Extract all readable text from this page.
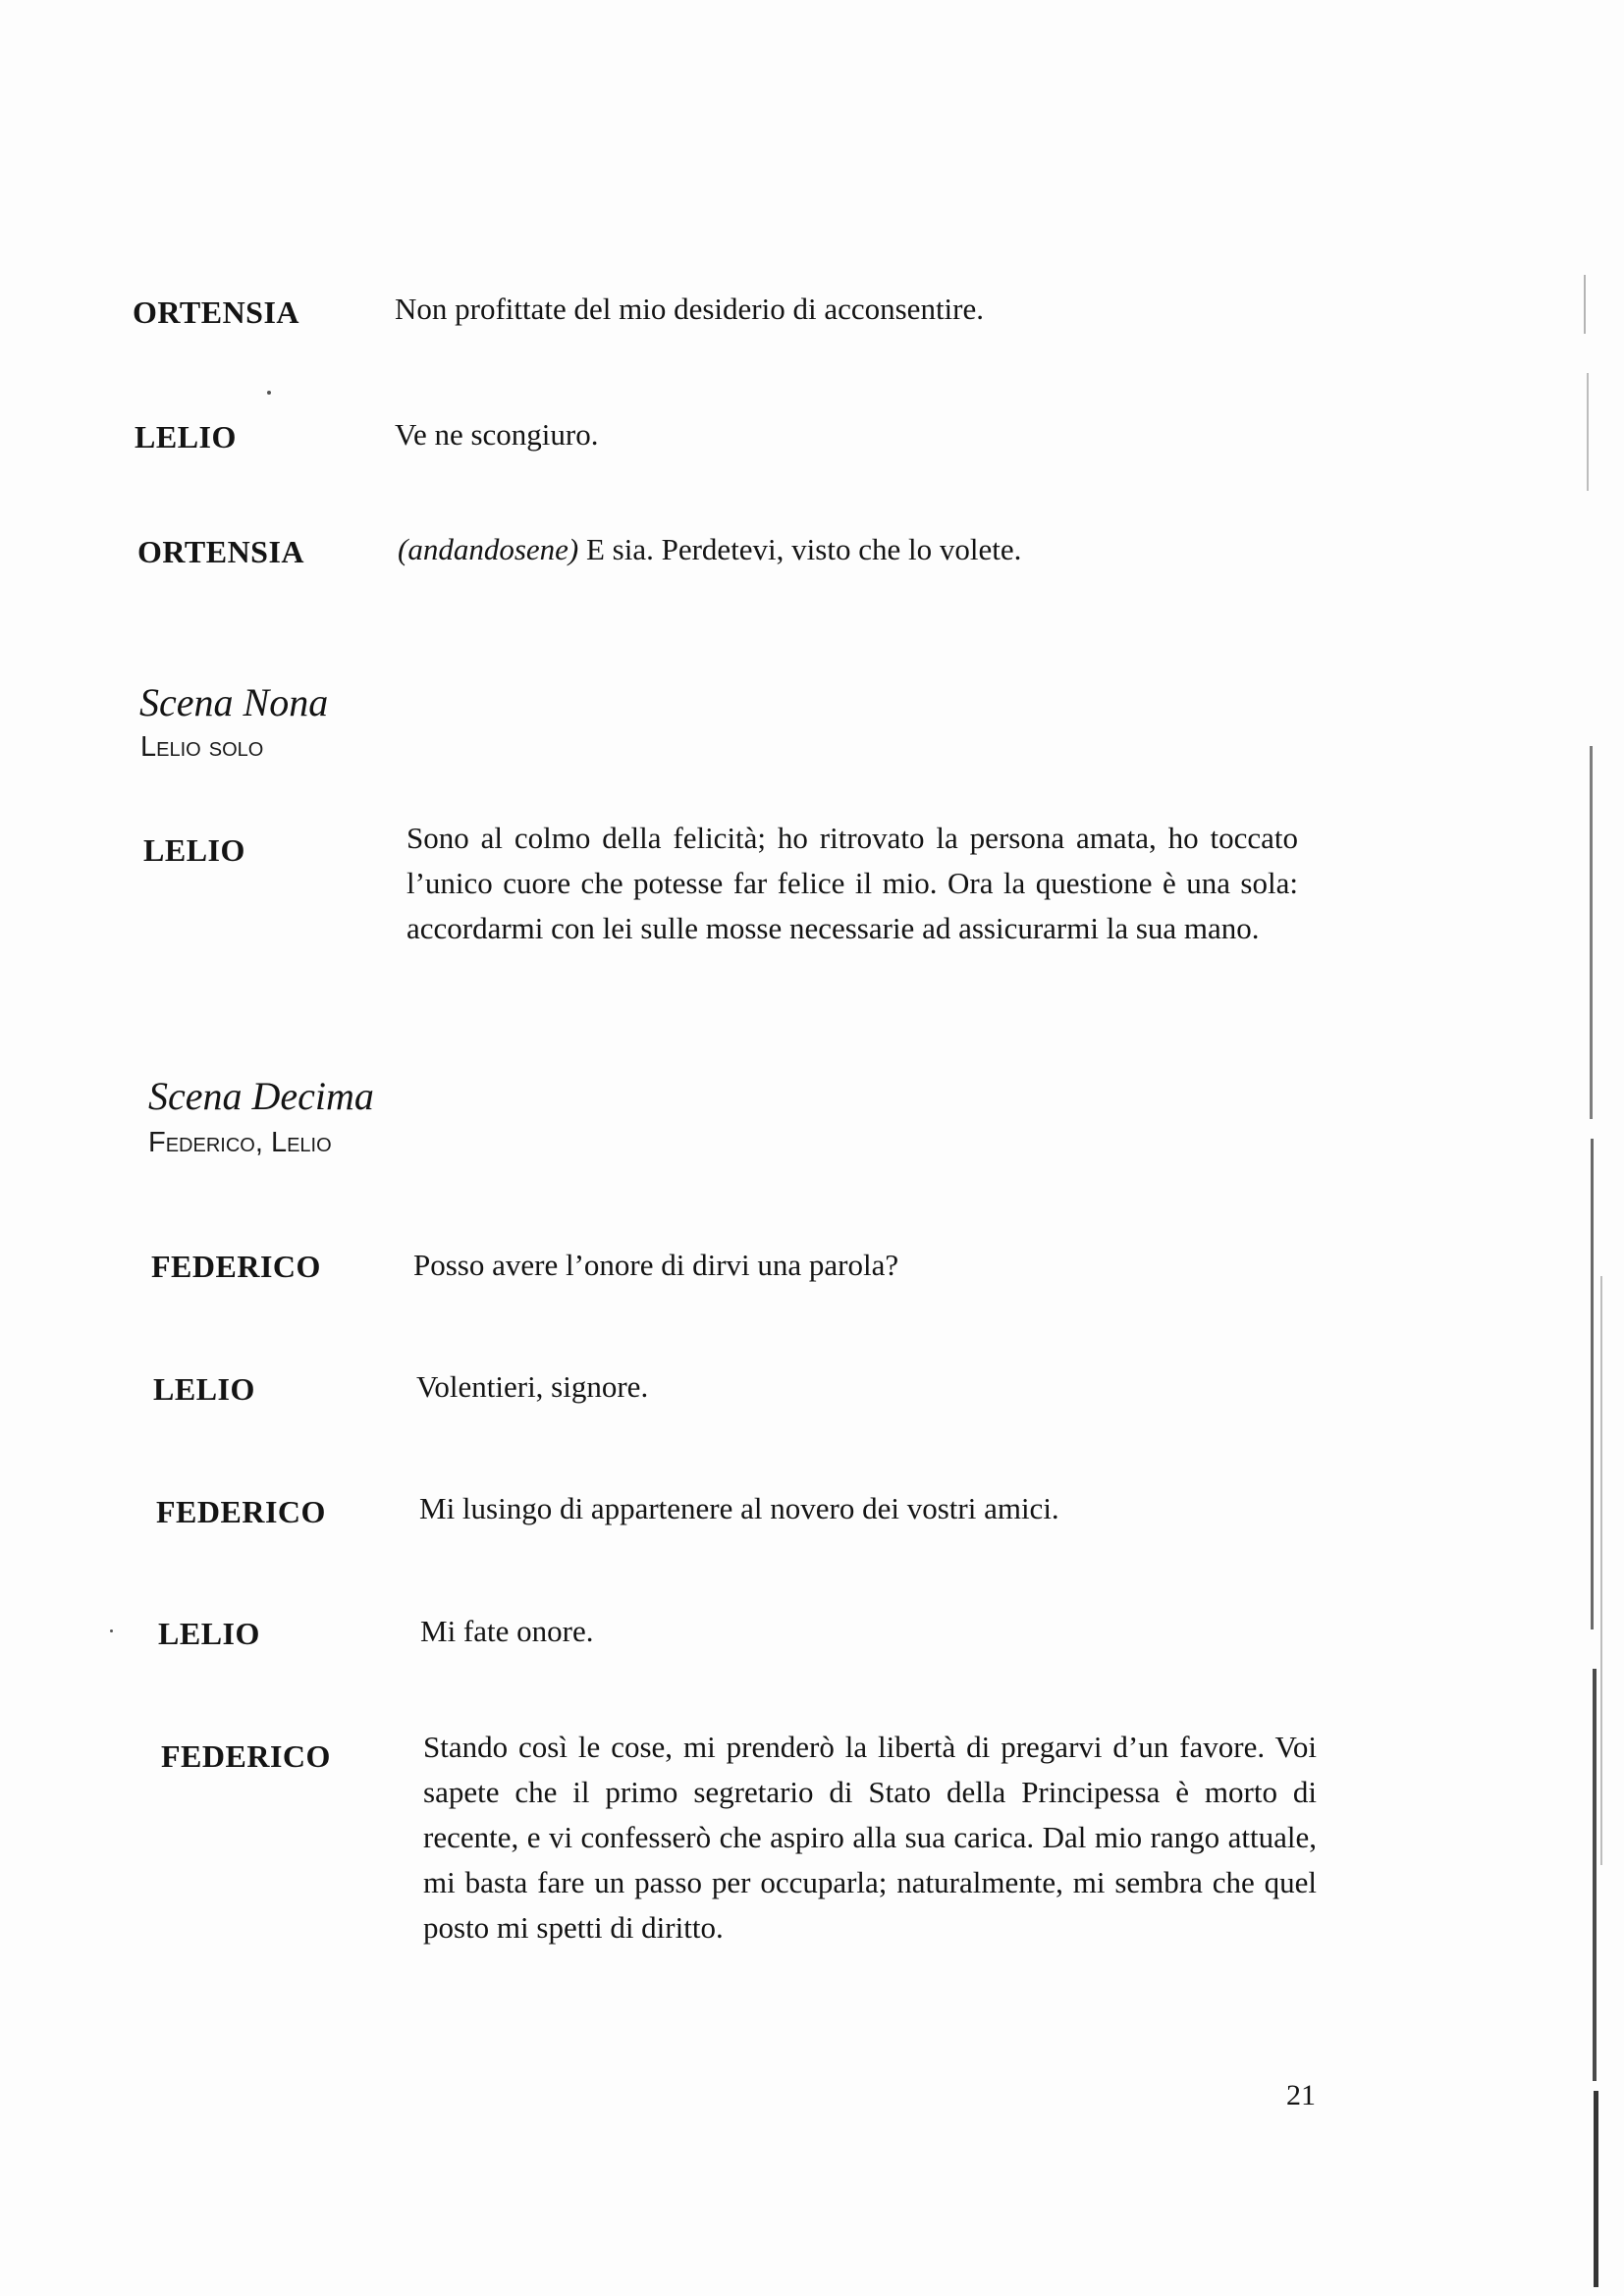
ORTENSIA	Non profittate del mio desiderio di acconsentire.
LELIO	Ve ne scongiuro.
ORTENSIA	(andandosene) E sia. Perdetevi, visto che lo volete.
Scena Nona
Lelio solo
LELIO	Sono al colmo della felicità; ho ritrovato la persona amata, ho toccato l’unico cuore che potesse far felice il mio. Ora la questione è una sola: accordarmi con lei sulle mosse necessarie ad assicurarmi la sua mano.
Scena Decima
Federico, Lelio
FEDERICO	Posso avere l’onore di dirvi una parola?
LELIO	Volentieri, signore.
FEDERICO	Mi lusingo di appartenere al novero dei vostri amici.
LELIO	Mi fate onore.
FEDERICO	Stando così le cose, mi prenderò la libertà di pregarvi d’un favore. Voi sapete che il primo segretario di Stato della Principessa è morto di recente, e vi confesserò che aspiro alla sua carica. Dal mio rango attuale, mi basta fare un passo per occuparla; naturalmente, mi sembra che quel posto mi spetti di diritto.
21
